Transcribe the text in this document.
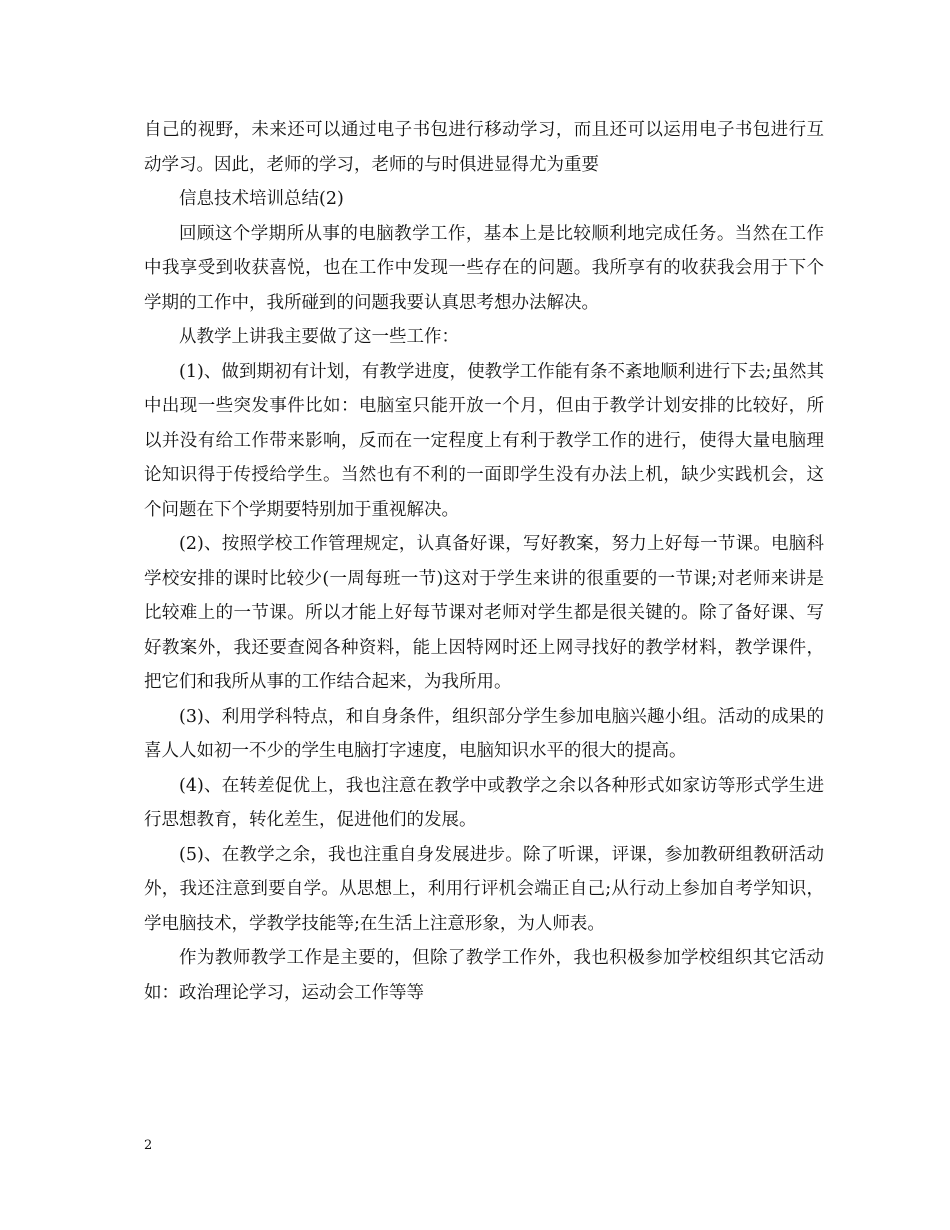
自己的视野，未来还可以通过电子书包进行移动学习，而且还可以运用电子书包进行互动学习。因此，老师的学习，老师的与时俱进显得尤为重要

信息技术培训总结(2)

回顾这个学期所从事的电脑教学工作，基本上是比较顺利地完成任务。当然在工作中我享受到收获喜悦，也在工作中发现一些存在的问题。我所享有的收获我会用于下个学期的工作中，我所碰到的问题我要认真思考想办法解决。

从教学上讲我主要做了这一些工作：

(1)、做到期初有计划，有教学进度，使教学工作能有条不紊地顺利进行下去;虽然其中出现一些突发事件比如：电脑室只能开放一个月，但由于教学计划安排的比较好，所以并没有给工作带来影响，反而在一定程度上有利于教学工作的进行，使得大量电脑理论知识得于传授给学生。当然也有不利的一面即学生没有办法上机，缺少实践机会，这个问题在下个学期要特别加于重视解决。

(2)、按照学校工作管理规定，认真备好课，写好教案，努力上好每一节课。电脑科学校安排的课时比较少(一周每班一节)这对于学生来讲的很重要的一节课;对老师来讲是比较难上的一节课。所以才能上好每节课对老师对学生都是很关键的。除了备好课、写好教案外，我还要查阅各种资料，能上因特网时还上网寻找好的教学材料，教学课件，把它们和我所从事的工作结合起来，为我所用。

(3)、利用学科特点，和自身条件，组织部分学生参加电脑兴趣小组。活动的成果的喜人人如初一不少的学生电脑打字速度，电脑知识水平的很大的提高。

(4)、在转差促优上，我也注意在教学中或教学之余以各种形式如家访等形式学生进行思想教育，转化差生，促进他们的发展。

(5)、在教学之余，我也注重自身发展进步。除了听课，评课，参加教研组教研活动外，我还注意到要自学。从思想上，利用行评机会端正自己;从行动上参加自考学知识，学电脑技术，学教学技能等;在生活上注意形象，为人师表。

作为教师教学工作是主要的，但除了教学工作外，我也积极参加学校组织其它活动如：政治理论学习，运动会工作等等

2
